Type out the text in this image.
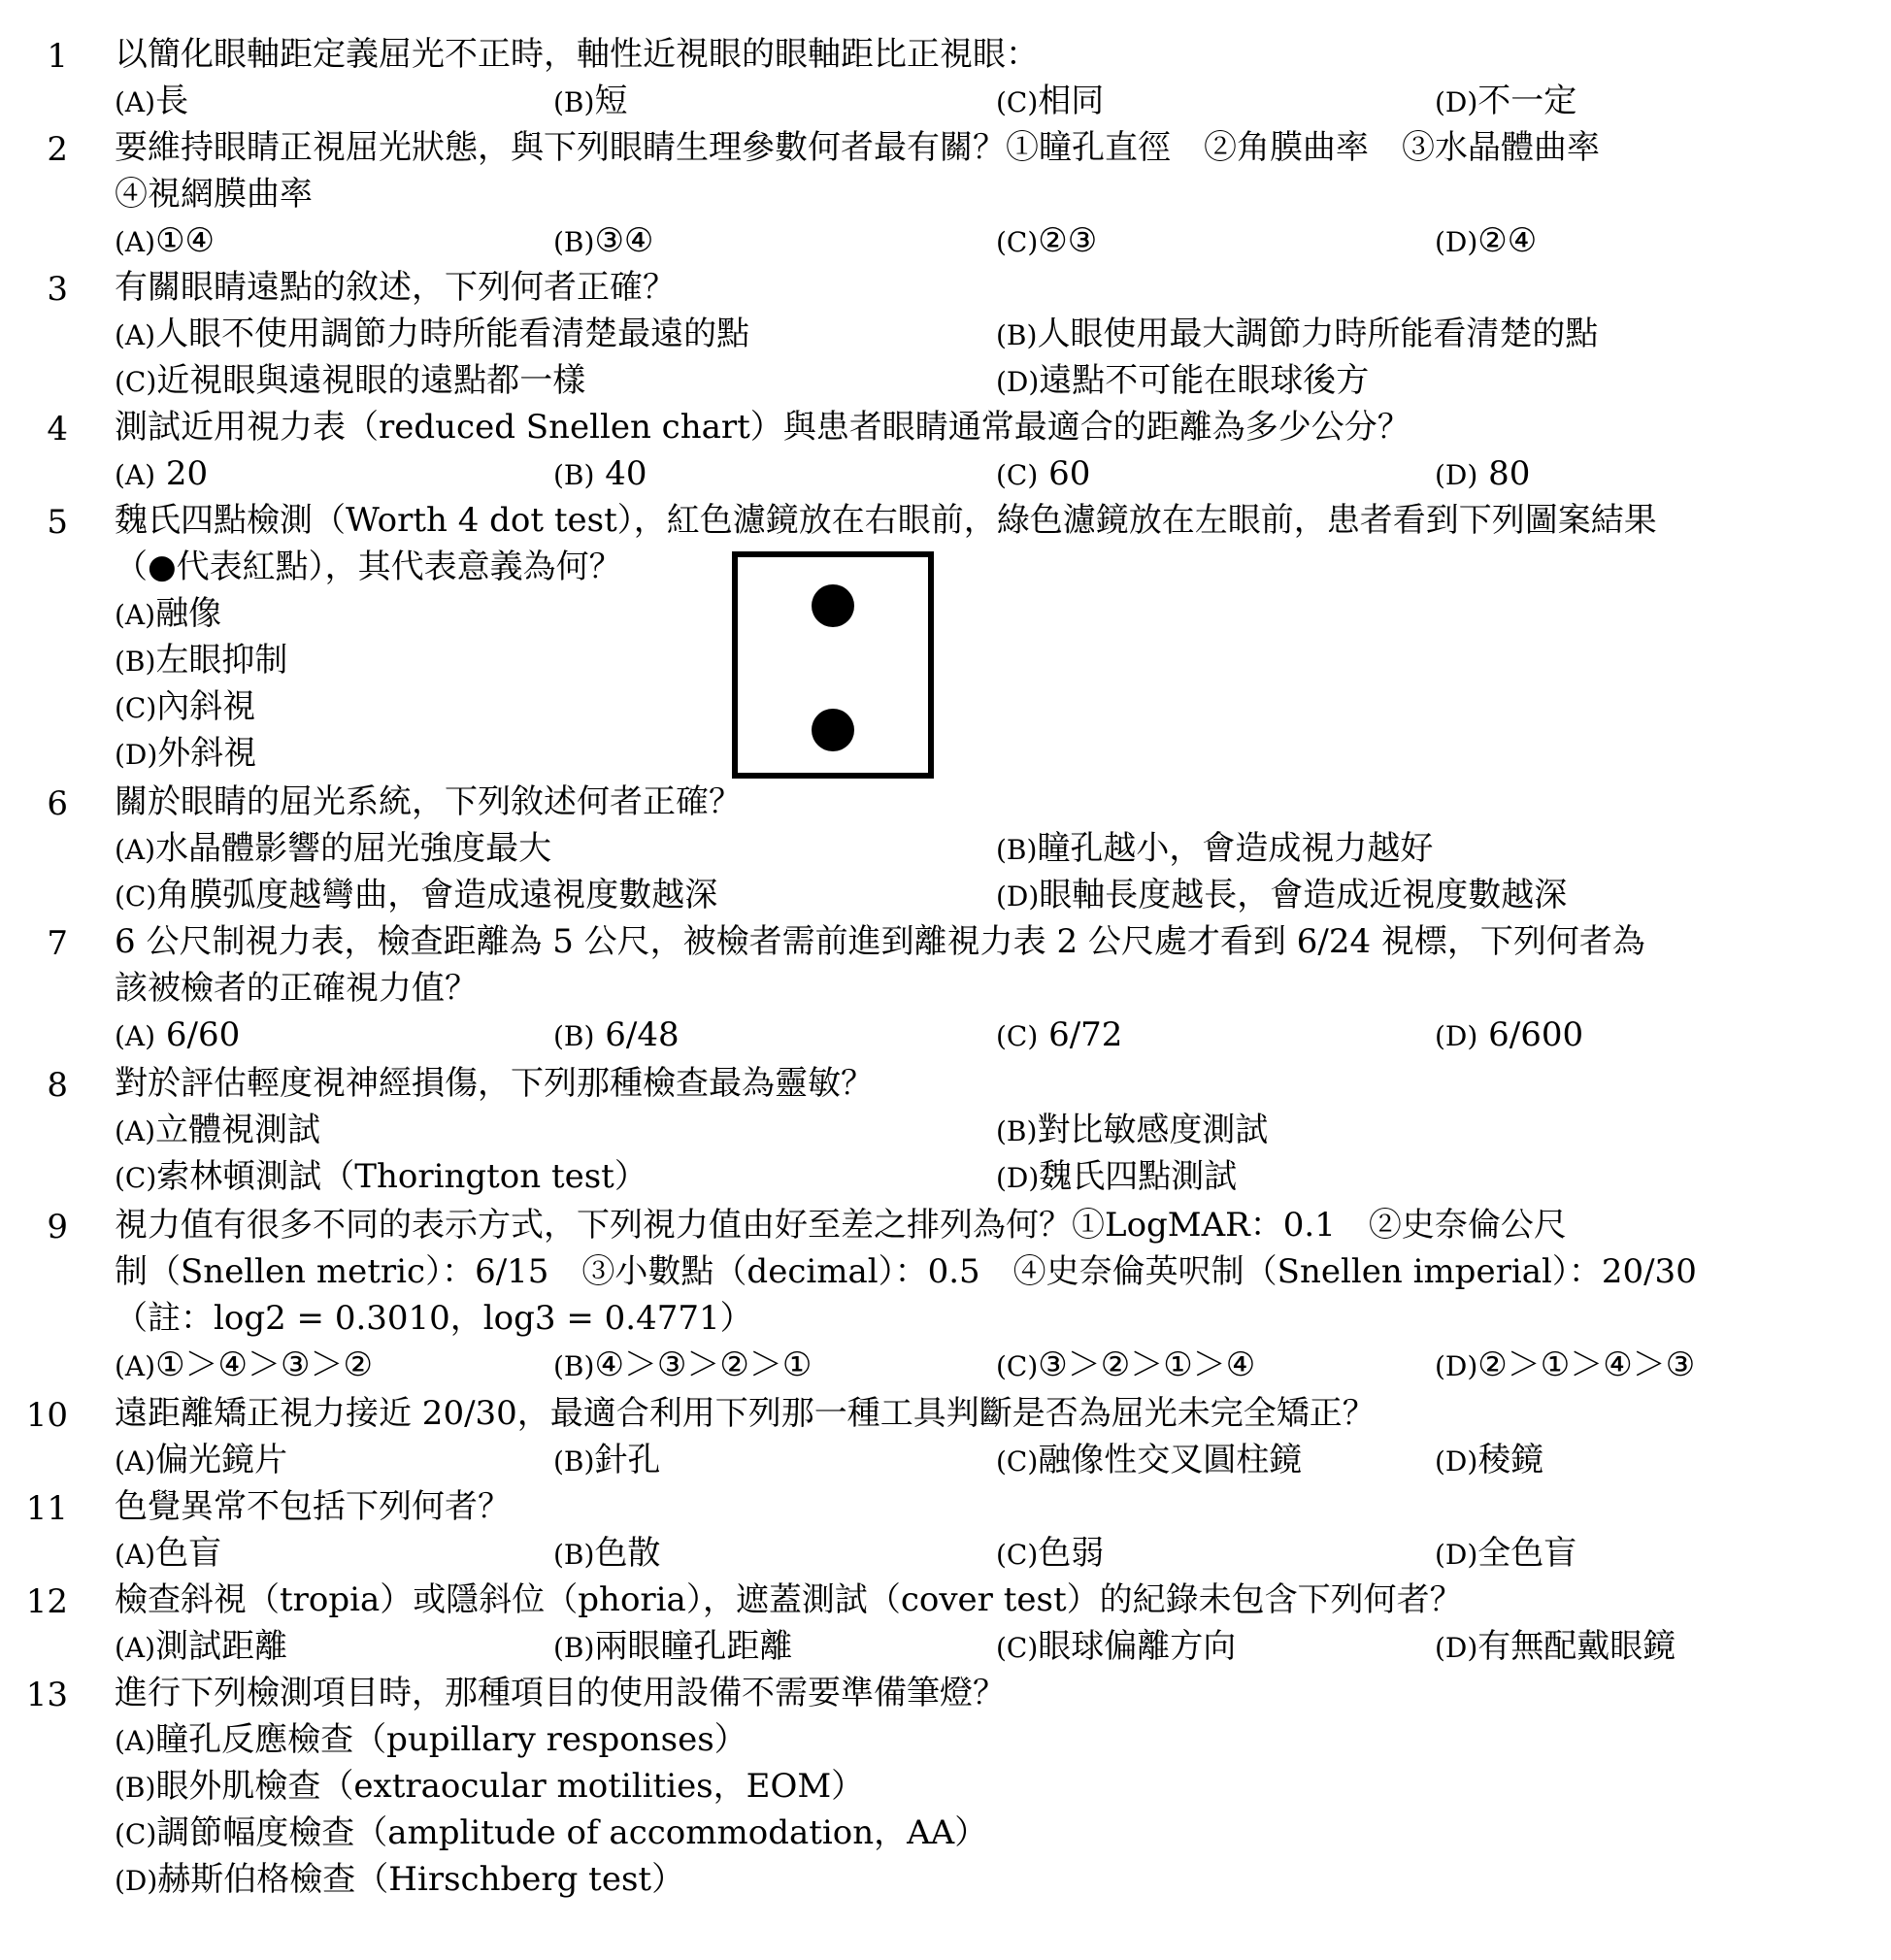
1 以簡化眼軸距定義屈光不正時，軸性近視眼的眼軸距比正視眼：
(A)長	(B)短	(C)相同	(D)不一定
2 要維持眼睛正視屈光狀態，與下列眼睛生理參數何者最有關？①瞳孔直徑　②角膜曲率　③水晶體曲率
④視網膜曲率
(A)①④	(B)③④	(C)②③	(D)②④
3 有關眼睛遠點的敘述，下列何者正確？
(A)人眼不使用調節力時所能看清楚最遠的點	(B)人眼使用最大調節力時所能看清楚的點
(C)近視眼與遠視眼的遠點都一樣	(D)遠點不可能在眼球後方
4 測試近用視力表（reduced Snellen chart）與患者眼睛通常最適合的距離為多少公分？
(A) 20	(B) 40	(C) 60	(D) 80
5 魏氏四點檢測（Worth 4 dot test），紅色濾鏡放在右眼前，綠色濾鏡放在左眼前，患者看到下列圖案結果
（●代表紅點），其代表意義為何？
(A)融像
(B)左眼抑制
(C)內斜視
(D)外斜視
6 關於眼睛的屈光系統，下列敘述何者正確？
(A)水晶體影響的屈光強度最大	(B)瞳孔越小，會造成視力越好
(C)角膜弧度越彎曲，會造成遠視度數越深	(D)眼軸長度越長，會造成近視度數越深
7 6 公尺制視力表，檢查距離為 5 公尺，被檢者需前進到離視力表 2 公尺處才看到 6/24 視標，下列何者為
該被檢者的正確視力值？
(A) 6/60	(B) 6/48	(C) 6/72	(D) 6/600
8 對於評估輕度視神經損傷，下列那種檢查最為靈敏？
(A)立體視測試	(B)對比敏感度測試
(C)索林頓測試（Thorington test）	(D)魏氏四點測試
9 視力值有很多不同的表示方式，下列視力值由好至差之排列為何？①LogMAR：0.1　②史奈倫公尺
制（Snellen metric）：6/15　③小數點（decimal）：0.5　④史奈倫英呎制（Snellen imperial）：20/30
（註：log2 = 0.3010，log3 = 0.4771）
(A)①＞④＞③＞②	(B)④＞③＞②＞①	(C)③＞②＞①＞④	(D)②＞①＞④＞③
10 遠距離矯正視力接近 20/30，最適合利用下列那一種工具判斷是否為屈光未完全矯正？
(A)偏光鏡片	(B)針孔	(C)融像性交叉圓柱鏡	(D)稜鏡
11 色覺異常不包括下列何者？
(A)色盲	(B)色散	(C)色弱	(D)全色盲
12 檢查斜視（tropia）或隱斜位（phoria），遮蓋測試（cover test）的紀錄未包含下列何者？
(A)測試距離	(B)兩眼瞳孔距離	(C)眼球偏離方向	(D)有無配戴眼鏡
13 進行下列檢測項目時，那種項目的使用設備不需要準備筆燈？
(A)瞳孔反應檢查（pupillary responses）
(B)眼外肌檢查（extraocular motilities，EOM）
(C)調節幅度檢查（amplitude of accommodation，AA）
(D)赫斯伯格檢查（Hirschberg test）
